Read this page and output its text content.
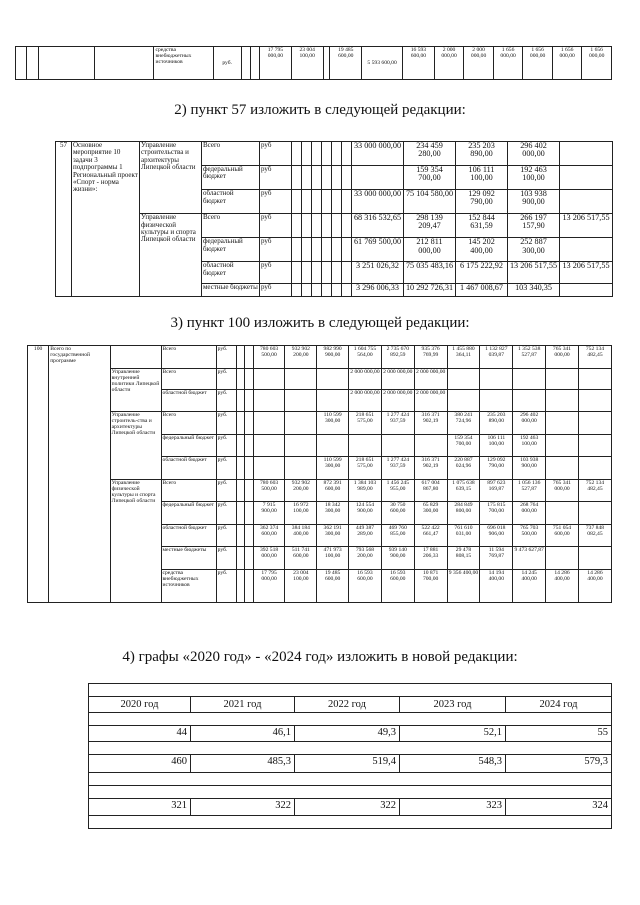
				средства внебюджетных источников	руб.			17 795 000,00	23 004 100,00		19 485 600,00	5 593 600,00	16 593 600,00	2 000 000,00	2 000 000,00	1 656 000,00	1 656 000,00	1 656 000,00	1 656 000,00
2) пункт 57 изложить в следующей редакции:
57	Основное мероприятие 10 задачи 3 подпрограммы 1 Региональный проект «Спорт - норма жизни»:	Управление строительства и архитектуры Липецкой области	Всего	руб							33 000 000,00	234 459 280,00	235 203 890,00	296 402 000,00	
			федеральный бюджет	руб								159 354 700,00	106 111 100,00	192 463 100,00	
			областной бюджет	руб							33 000 000,00	75 104 580,00	129 092 790,00	103 938 900,00	
		Управление физической культуры и спорта Липецкой области	Всего	руб							68 316 532,65	298 139 209,47	152 844 631,59	266 197 157,90	13 206 517,55
			федеральный бюджет	руб							61 769 500,00	212 811 000,00	145 202 400,00	252 887 300,00	
			областной бюджет	руб							3 251 026,32	75 035 483,16	6 175 222,92	13 206 517,55	13 206 517,55
			местные бюджеты	руб							3 296 006,33	10 292 726,31	1 467 008,67	103 340,35	
3) пункт 100 изложить в следующей редакции:
100	Всего по государственной программе		Всего	руб.			780 603 500,00	932 902 200,00	982 990 900,00	1 604 755 564,00	2 735 670 892,59	935 376 769,99	1 455 880 364,11	1 132 827 039,87	1 352 538 527,87	765 341 000,00	752 134 482,45
		Управление внутренней политики Липецкой области	Всего	руб.						2 000 000,00	2 000 000,00	2 000 000,00					
			областной бюджет	руб.						2 000 000,00	2 000 000,00	2 000 000,00					
		Управление строитель-ства и архитектуры Липецкой области	Всего	руб.					110 599 300,00	218 651 575,00	1 277 424 937,59	316 371 902,19	380 241 724,96	235 203 890,00	296 402 000,00		
			федеральный бюджет	руб.									159 354 700,00	106 111 100,00	192 463 100,00		
			областной бюджет	руб.					110 599 300,00	218 651 575,00	1 277 424 937,59	316 371 902,19	220 887 024,96	129 092 790,00	103 938 900,00		
		Управление физической культуры и спорта Липецкой области	Всего	руб.			780 603 500,00	932 902 200,00	872 391 600,00	1 384 103 989,00	1 456 245 955,00	617 004 867,80	1 075 638 639,15	897 623 169,87	1 056 136 527,87	765 341 000,00	752 134 482,45
			федеральный бюджет	руб.			7 915 900,00	16 972 100,00	18 342 300,00	124 554 900,00	30 750 600,00	65 829 300,00	284 849 800,00	175 815 700,00	268 764 000,00		
			областной бюджет	руб.			362 374 600,00	384 184 400,00	362 191 300,00	449 387 289,00	469 760 855,00	522 422 661,47	761 610 031,00	696 018 906,00	765 703 500,00	751 054 600,00	737 848 082,45
			местные бюджеты	руб.			392 518 000,00	511 741 600,00	471 973 100,00	793 568 200,00	939 140 900,00	17 881 206,33	29 478 808,15	11 594 769,87	9 473 627,87		
			средства внебюджетных источников	руб.			17 795 000,00	23 004 100,00	19 485 600,00	16 593 600,00	16 593 600,00	10 871 700,00	9 356 400,00	14 194 400,00	14 245 400,00	14 286 400,00	14 286 400,00
4) графы «2020 год» - «2024 год» изложить в новой редакции:

2020 год	2021 год	2022 год	2023 год	2024 год

44	46,1	49,3	52,1	55

460	485,3	519,4	548,3	579,3

321	322	322	323	324
